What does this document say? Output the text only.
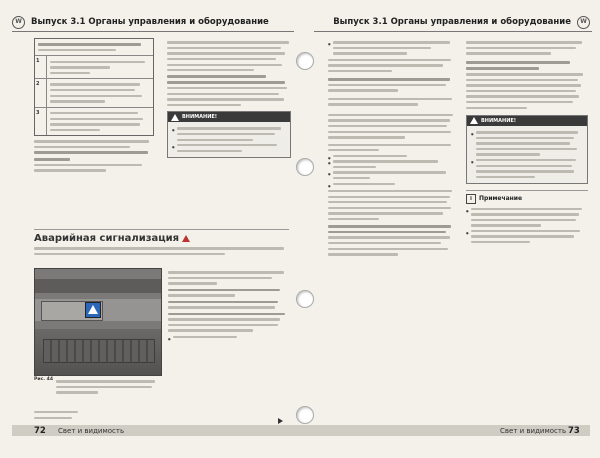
W	Выпуск 3.1 Органы управления и оборудование
1
2
3
ВНИМАНИЕ!
●
●
Аварийная сигнализация
Рис. 44
●
72 Свет и видимость
Выпуск 3.1 Органы управления и оборудование	W
●
●
●
●
●
ВНИМАНИЕ!
●
●
i	Примечание
●
●
Свет и видимость 73
